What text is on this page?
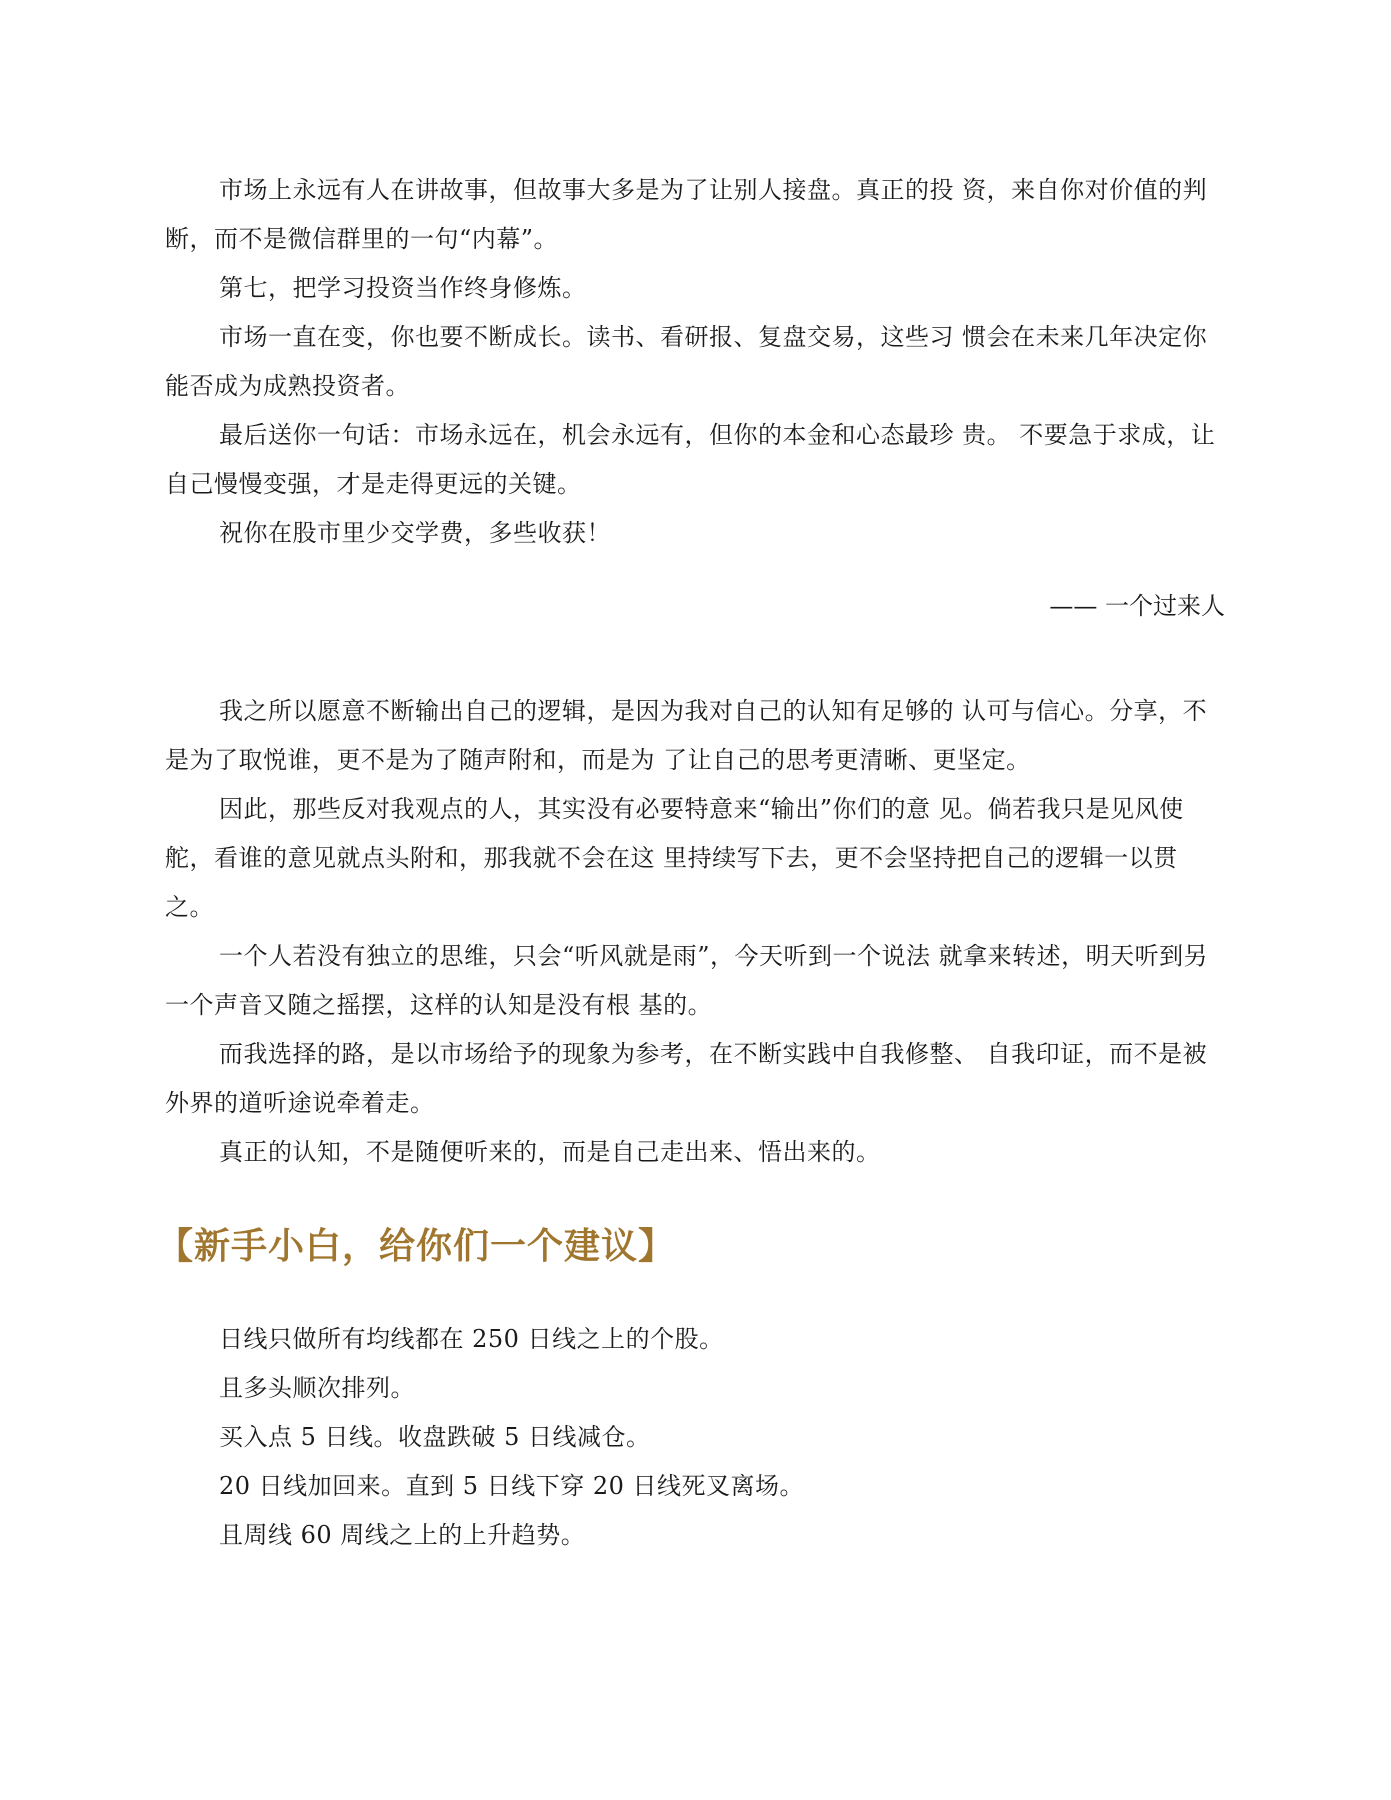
市场上永远有人在讲故事，但故事大多是为了让别人接盘。真正的投 资，来自你对价值的判断，而不是微信群里的一句“内幕”。

第七，把学习投资当作终身修炼。

市场一直在变，你也要不断成长。读书、看研报、复盘交易，这些习 惯会在未来几年决定你能否成为成熟投资者。

最后送你一句话：市场永远在，机会永远有，但你的本金和心态最珍 贵。 不要急于求成，让自己慢慢变强，才是走得更远的关键。

祝你在股市里少交学费，多些收获！

—— 一个过来人

我之所以愿意不断输出自己的逻辑，是因为我对自己的认知有足够的 认可与信心。分享，不是为了取悦谁，更不是为了随声附和，而是为 了让自己的思考更清晰、更坚定。

因此，那些反对我观点的人，其实没有必要特意来“输出”你们的意 见。倘若我只是见风使舵，看谁的意见就点头附和，那我就不会在这 里持续写下去，更不会坚持把自己的逻辑一以贯之。

一个人若没有独立的思维，只会“听风就是雨”，今天听到一个说法 就拿来转述，明天听到另一个声音又随之摇摆，这样的认知是没有根 基的。

而我选择的路，是以市场给予的现象为参考，在不断实践中自我修整、 自我印证，而不是被外界的道听途说牵着走。

真正的认知，不是随便听来的，而是自己走出来、悟出来的。

【新手小白，给你们一个建议】

日线只做所有均线都在 250 日线之上的个股。

且多头顺次排列。

买入点 5 日线。收盘跌破 5 日线减仓。

20 日线加回来。直到 5 日线下穿 20 日线死叉离场。

且周线 60 周线之上的上升趋势。
